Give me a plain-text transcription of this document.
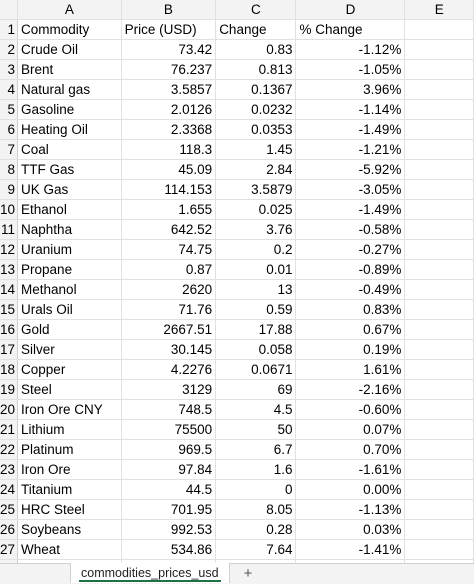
	A	B	C	D	E
1	Commodity	Price (USD)	Change	% Change	
2	Crude Oil	73.42	0.83	-1.12%	
3	Brent	76.237	0.813	-1.05%	
4	Natural gas	3.5857	0.1367	3.96%	
5	Gasoline	2.0126	0.0232	-1.14%	
6	Heating Oil	2.3368	0.0353	-1.49%	
7	Coal	118.3	1.45	-1.21%	
8	TTF Gas	45.09	2.84	-5.92%	
9	UK Gas	114.153	3.5879	-3.05%	
10	Ethanol	1.655	0.025	-1.49%	
11	Naphtha	642.52	3.76	-0.58%	
12	Uranium	74.75	0.2	-0.27%	
13	Propane	0.87	0.01	-0.89%	
14	Methanol	2620	13	-0.49%	
15	Urals Oil	71.76	0.59	0.83%	
16	Gold	2667.51	17.88	0.67%	
17	Silver	30.145	0.058	0.19%	
18	Copper	4.2276	0.0671	1.61%	
19	Steel	3129	69	-2.16%	
20	Iron Ore CNY	748.5	4.5	-0.60%	
21	Lithium	75500	50	0.07%	
22	Platinum	969.5	6.7	0.70%	
23	Iron Ore	97.84	1.6	-1.61%	
24	Titanium	44.5	0	0.00%	
25	HRC Steel	701.95	8.05	-1.13%	
26	Soybeans	992.53	0.28	0.03%	
27	Wheat	534.86	7.64	-1.41%	

commodities_prices_usd	+
